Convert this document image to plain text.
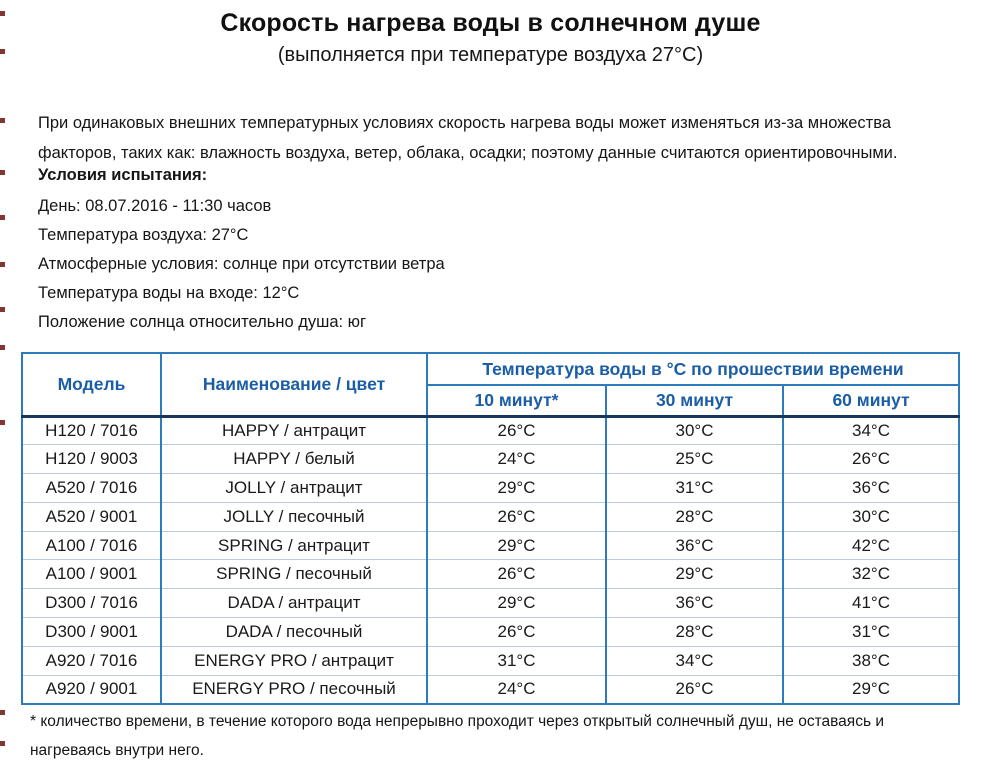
Скорость нагрева воды в солнечном душе
(выполняется при температуре воздуха 27°С)
При одинаковых внешних температурных условиях скорость нагрева воды может изменяться из-за множества факторов, таких как: влажность воздуха, ветер, облака, осадки; поэтому данные считаются ориентировочными.
Условия испытания:
День: 08.07.2016 - 11:30 часов
Температура воздуха: 27°С
Атмосферные условия: солнце при отсутствии ветра
Температура воды на входе: 12°С
Положение солнца относительно душа: юг
Модель	Наименование / цвет	Температура воды в °С по прошествии времени		
		10 минут*	30 минут	60 минут
H120 / 7016	HAPPY / антрацит	26°С	30°С	34°С
H120 / 9003	HAPPY / белый	24°С	25°С	26°С
A520 / 7016	JOLLY / антрацит	29°С	31°С	36°С
A520 / 9001	JOLLY / песочный	26°С	28°С	30°С
A100 / 7016	SPRING / антрацит	29°С	36°С	42°С
A100 / 9001	SPRING / песочный	26°С	29°С	32°С
D300 / 7016	DADA / антрацит	29°С	36°С	41°С
D300 / 9001	DADA / песочный	26°С	28°С	31°С
A920 / 7016	ENERGY PRO / антрацит	31°С	34°С	38°С
A920 / 9001	ENERGY PRO / песочный	24°С	26°С	29°С
* количество времени, в течение которого вода непрерывно проходит через открытый солнечный душ, не оставаясь и нагреваясь внутри него.
